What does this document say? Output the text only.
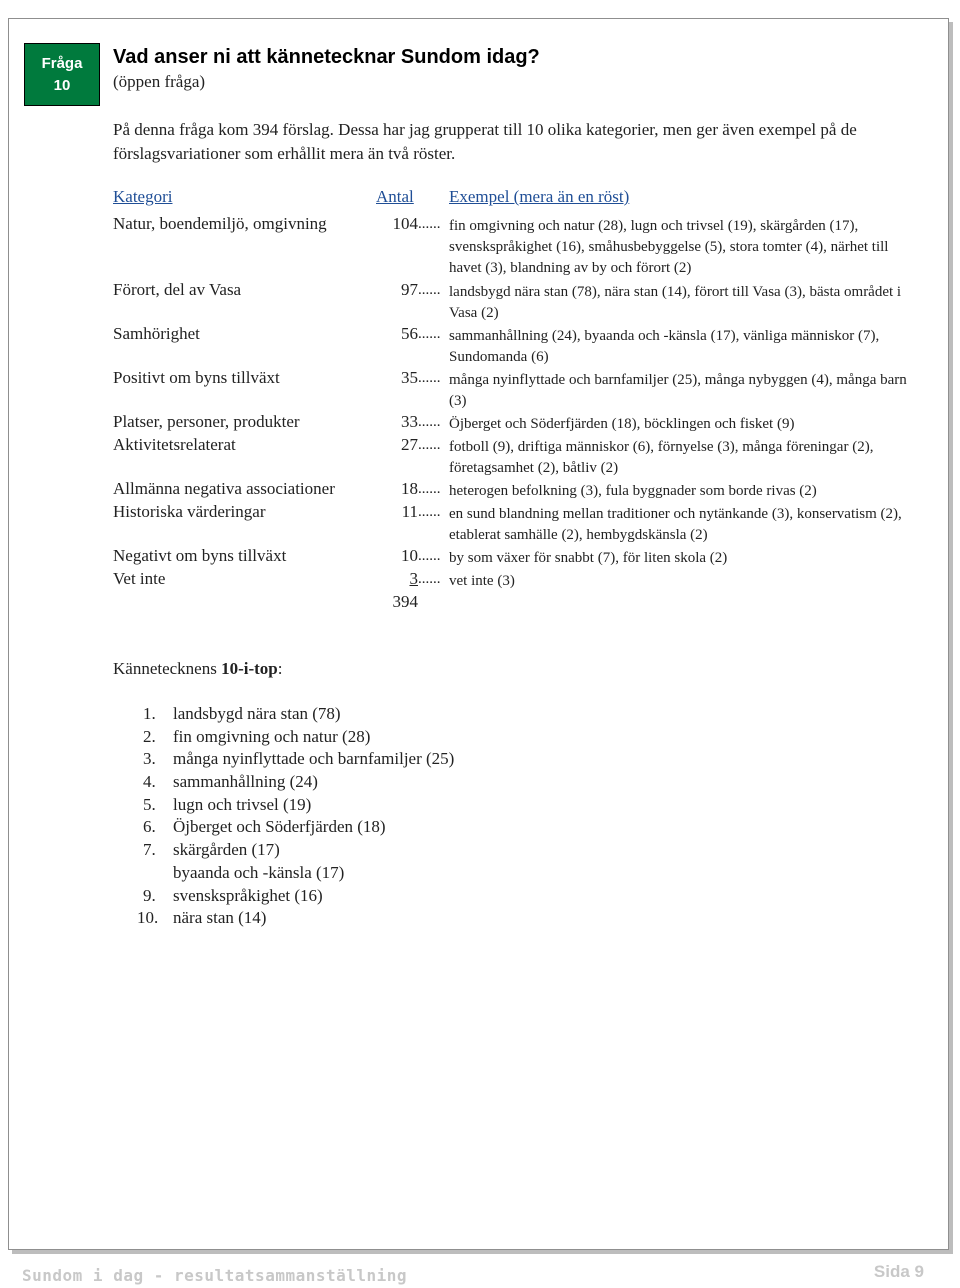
Fråga
10
Vad anser ni att kännetecknar Sundom idag?
(öppen fråga)
På denna fråga kom 394 förslag. Dessa har jag grupperat till 10 olika kategorier, men ger även exempel på de förslagsvariationer som erhållit mera än två röster.
Kategori	Antal Exempel (mera än en röst)
Natur, boendemiljö, omgivning	104 ...... fin omgivning och natur (28), lugn och trivsel (19), skärgården (17), svenskspråkighet (16), småhusbebyggelse (5), stora tomter (4), närhet till havet (3), blandning av by och förort (2)
Förort, del av Vasa	97 ...... landsbygd nära stan (78), nära stan (14), förort till Vasa (3), bästa området i Vasa (2)
Samhörighet	56 ...... sammanhållning (24), byaanda och -känsla (17), vänliga människor (7), Sundomanda (6)
Positivt om byns tillväxt	35 ...... många nyinflyttade och barnfamiljer (25), många nybyggen (4), många barn (3)
Platser, personer, produkter	33 ...... Öjberget och Söderfjärden (18), böcklingen och fisket (9)
Aktivitetsrelaterat	27 ...... fotboll (9), driftiga människor (6), förnyelse (3), många föreningar (2), företagsamhet (2), båtliv (2)
Allmänna negativa associationer	18 ...... heterogen befolkning (3), fula byggnader som borde rivas (2)
Historiska värderingar	11 ...... en sund blandning mellan traditioner och nytänkande (3), konservatism (2), etablerat samhälle (2), hembygdskänsla (2)
Negativt om byns tillväxt	10 ...... by som växer för snabbt (7), för liten skola (2)
Vet inte	3 ...... vet inte (3)
394
Kännetecknens 10-i-top:
1. landsbygd nära stan (78)
2. fin omgivning och natur (28)
3. många nyinflyttade och barnfamiljer (25)
4. sammanhållning (24)
5. lugn och trivsel (19)
6. Öjberget och Söderfjärden (18)
7. skärgården (17)
byaanda och -känsla (17)
9. svenskspråkighet (16)
10. nära stan (14)
Sundom i dag - resultatsammanställning	Sida 9
